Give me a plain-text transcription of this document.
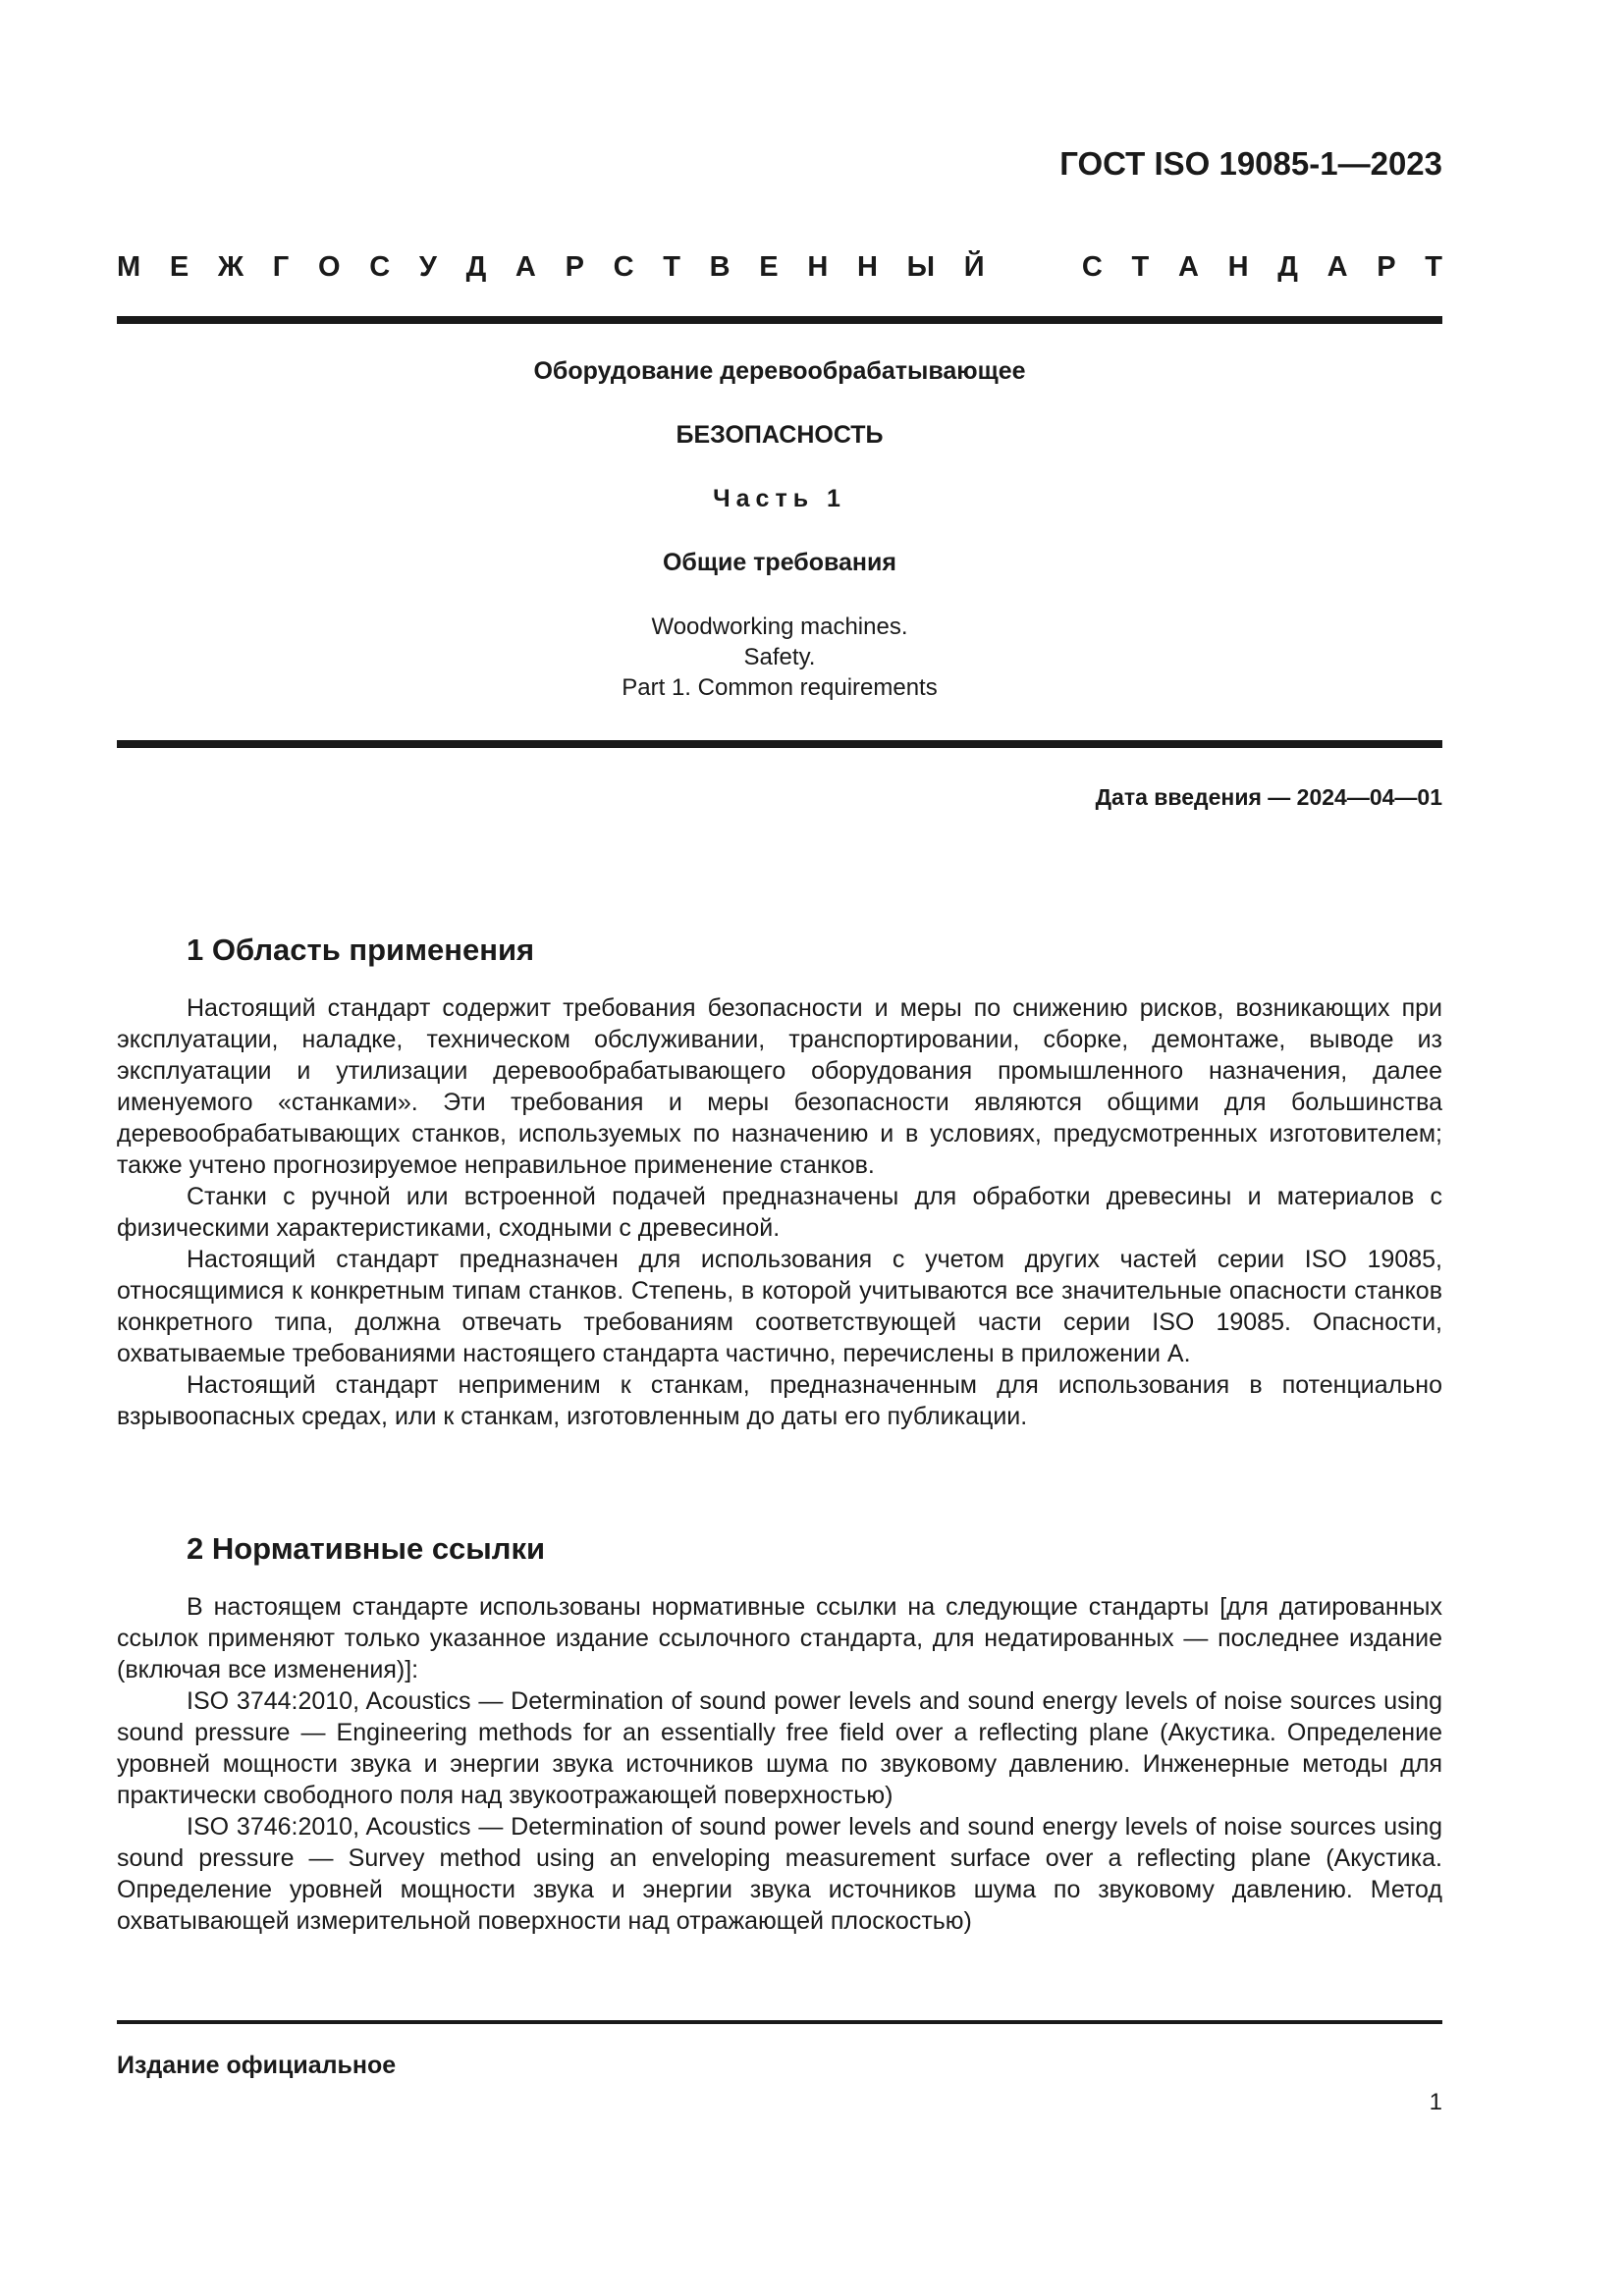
ГОСТ ISO 19085-1—2023
М Е Ж Г О С У Д А Р С Т В Е Н Н Ы Й	С Т А Н Д А Р Т
Оборудование деревообрабатывающее
БЕЗОПАСНОСТЬ
Часть 1
Общие требования
Woodworking machines.
Safety.
Part 1. Common requirements
Дата введения — 2024—04—01
1 Область применения

Настоящий стандарт содержит требования безопасности и меры по снижению рисков, возникающих при эксплуатации, наладке, техническом обслуживании, транспортировании, сборке, демонтаже, выводе из эксплуатации и утилизации деревообрабатывающего оборудования промышленного назначения, далее именуемого «станками». Эти требования и меры безопасности являются общими для большинства деревообрабатывающих станков, используемых по назначению и в условиях, предусмотренных изготовителем; также учтено прогнозируемое неправильное применение станков.

Станки с ручной или встроенной подачей предназначены для обработки древесины и материалов с физическими характеристиками, сходными с древесиной.

Настоящий стандарт предназначен для использования с учетом других частей серии ISO 19085, относящимися к конкретным типам станков. Степень, в которой учитываются все значительные опасности станков конкретного типа, должна отвечать требованиям соответствующей части серии ISO 19085. Опасности, охватываемые требованиями настоящего стандарта частично, перечислены в приложении А.

Настоящий стандарт неприменим к станкам, предназначенным для использования в потенциально взрывоопасных средах, или к станкам, изготовленным до даты его публикации.

2 Нормативные ссылки

В настоящем стандарте использованы нормативные ссылки на следующие стандарты [для датированных ссылок применяют только указанное издание ссылочного стандарта, для недатированных — последнее издание (включая все изменения)]:

ISO 3744:2010, Acoustics — Determination of sound power levels and sound energy levels of noise sources using sound pressure — Engineering methods for an essentially free field over a reflecting plane (Акустика. Определение уровней мощности звука и энергии звука источников шума по звуковому давлению. Инженерные методы для практически свободного поля над звукоотражающей поверхностью)

ISO 3746:2010, Acoustics — Determination of sound power levels and sound energy levels of noise sources using sound pressure — Survey method using an enveloping measurement surface over a reflecting plane (Акустика. Определение уровней мощности звука и энергии звука источников шума по звуковому давлению. Метод охватывающей измерительной поверхности над отражающей плоскостью)

Издание официальное
1
